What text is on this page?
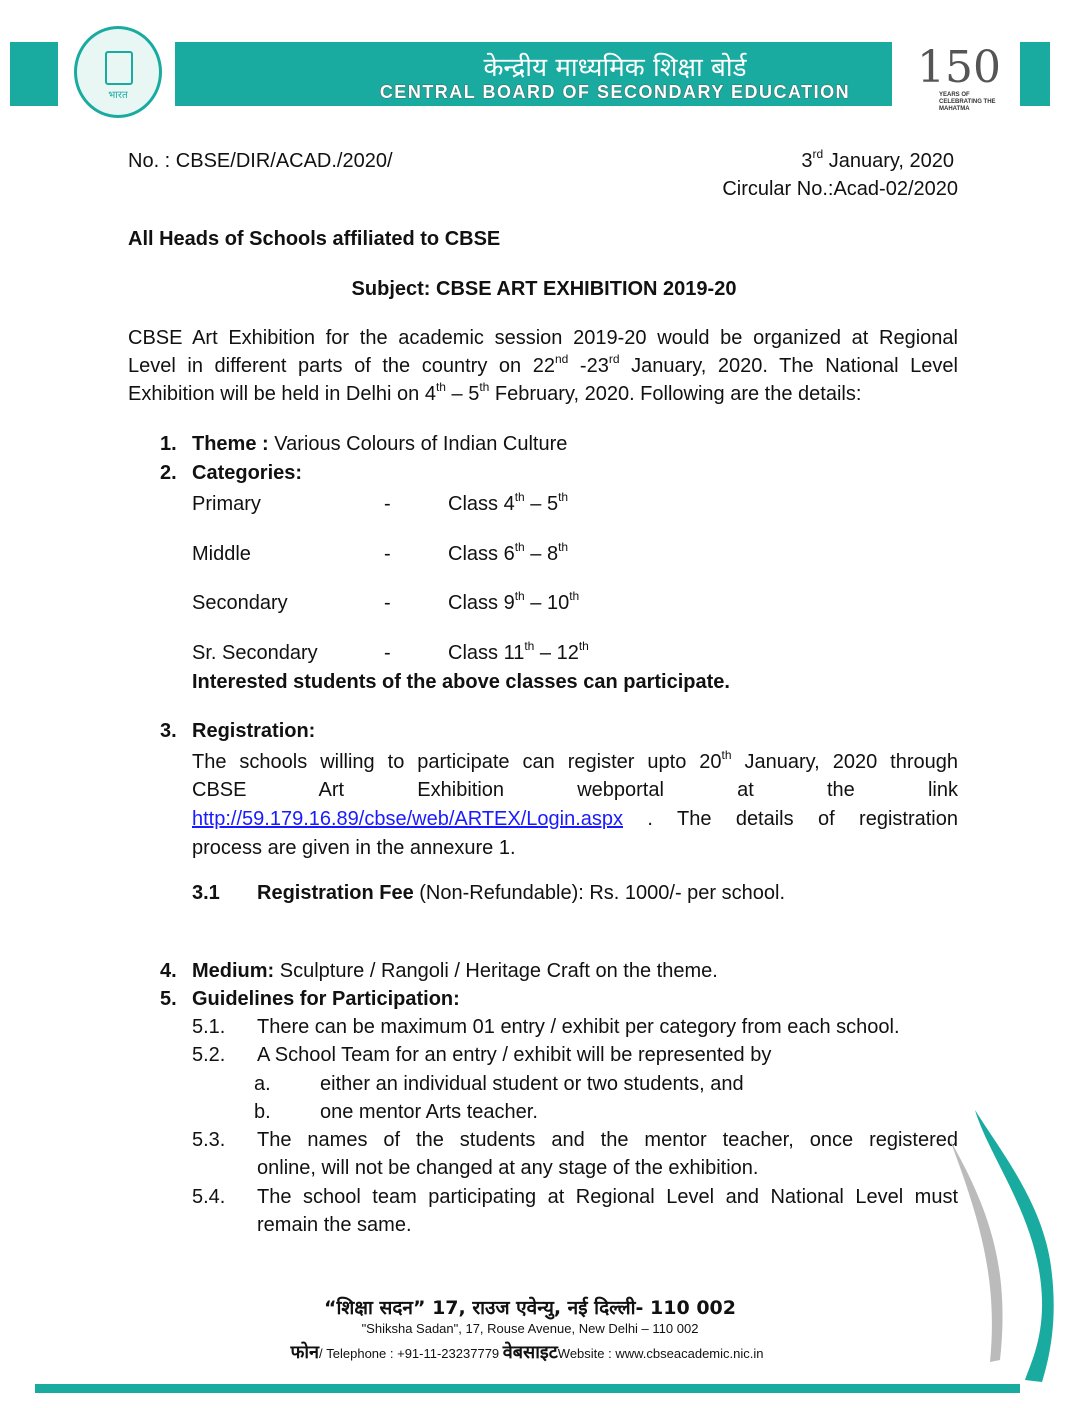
भारत
केन्द्रीय माध्यमिक शिक्षा बोर्ड
CENTRAL BOARD OF SECONDARY EDUCATION	150
YEARS OF CELEBRATING THE MAHATMA
No. : CBSE/DIR/ACAD./2020/	3rd January, 2020
Circular No.:Acad-02/2020
All Heads of Schools affiliated to CBSE
Subject: CBSE ART EXHIBITION 2019-20
CBSE Art Exhibition for the academic session 2019-20 would be organized at Regional
Level in different parts of the country on 22nd -23rd January, 2020. The National Level
Exhibition will be held in Delhi on 4th – 5th February, 2020. Following are the details:
1. Theme : Various Colours of Indian Culture
2. Categories:
Primary	-	Class 4th – 5th
Middle	-	Class 6th – 8th
Secondary	-	Class 9th – 10th
Sr. Secondary	-	Class 11th – 12th
Interested students of the above classes can participate.
3. Registration:
The schools willing to participate can register upto 20th January, 2020 through
CBSE Art Exhibition webportal at the link
http://59.179.16.89/cbse/web/ARTEX/Login.aspx . The details of registration
process are given in the annexure 1.
3.1 Registration Fee (Non-Refundable): Rs. 1000/- per school.
4. Medium: Sculpture / Rangoli / Heritage Craft on the theme.
5. Guidelines for Participation:
5.1. There can be maximum 01 entry / exhibit per category from each school.
5.2. A School Team for an entry / exhibit will be represented by
a. either an individual student or two students, and
b. one mentor Arts teacher.
5.3. The names of the students and the mentor teacher, once registered
online, will not be changed at any stage of the exhibition.
5.4. The school team participating at Regional Level and National Level must
remain the same.
“शिक्षा सदन” 17, राउज एवेन्यु, नई दिल्ली- 110 002
"Shiksha Sadan", 17, Rouse Avenue, New Delhi – 110 002
फोन/ Telephone : +91-11-23237779 वेबसाइटWebsite : www.cbseacademic.nic.in
